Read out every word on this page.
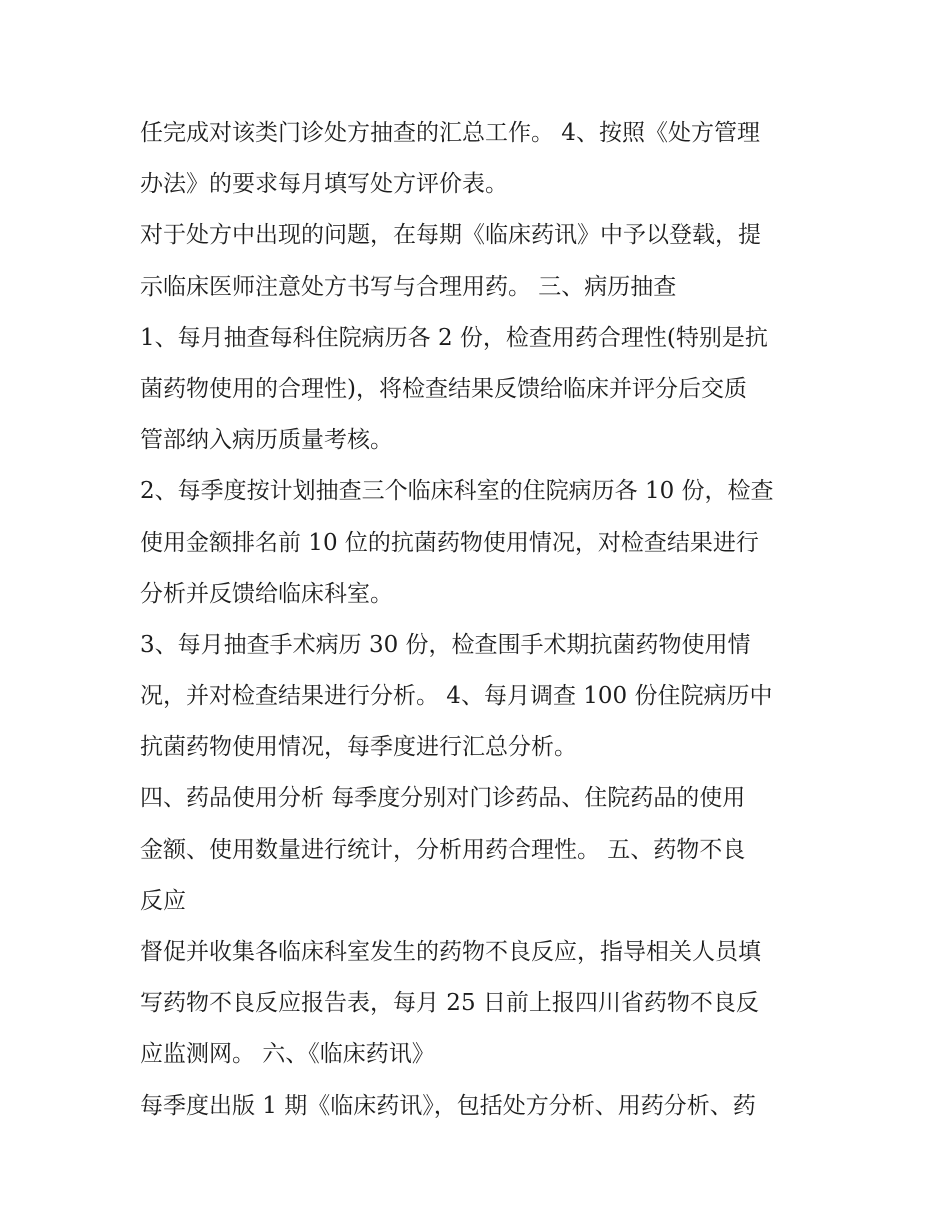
任完成对该类门诊处方抽查的汇总工作。 4、按照《处方管理
办法》的要求每月填写处方评价表。
对于处方中出现的问题，在每期《临床药讯》中予以登载，提
示临床医师注意处方书写与合理用药。 三、病历抽查
1、每月抽查每科住院病历各 2 份，检查用药合理性(特别是抗
菌药物使用的合理性)，将检查结果反馈给临床并评分后交质
管部纳入病历质量考核。
2、每季度按计划抽查三个临床科室的住院病历各 10 份，检查
使用金额排名前 10 位的抗菌药物使用情况，对检查结果进行
分析并反馈给临床科室。
3、每月抽查手术病历 30 份，检查围手术期抗菌药物使用情
况，并对检查结果进行分析。 4、每月调查 100 份住院病历中
抗菌药物使用情况，每季度进行汇总分析。
四、药品使用分析 每季度分别对门诊药品、住院药品的使用
金额、使用数量进行统计，分析用药合理性。 五、药物不良
反应
督促并收集各临床科室发生的药物不良反应，指导相关人员填
写药物不良反应报告表，每月 25 日前上报四川省药物不良反
应监测网。 六、《临床药讯》
每季度出版 1 期《临床药讯》，包括处方分析、用药分析、药
